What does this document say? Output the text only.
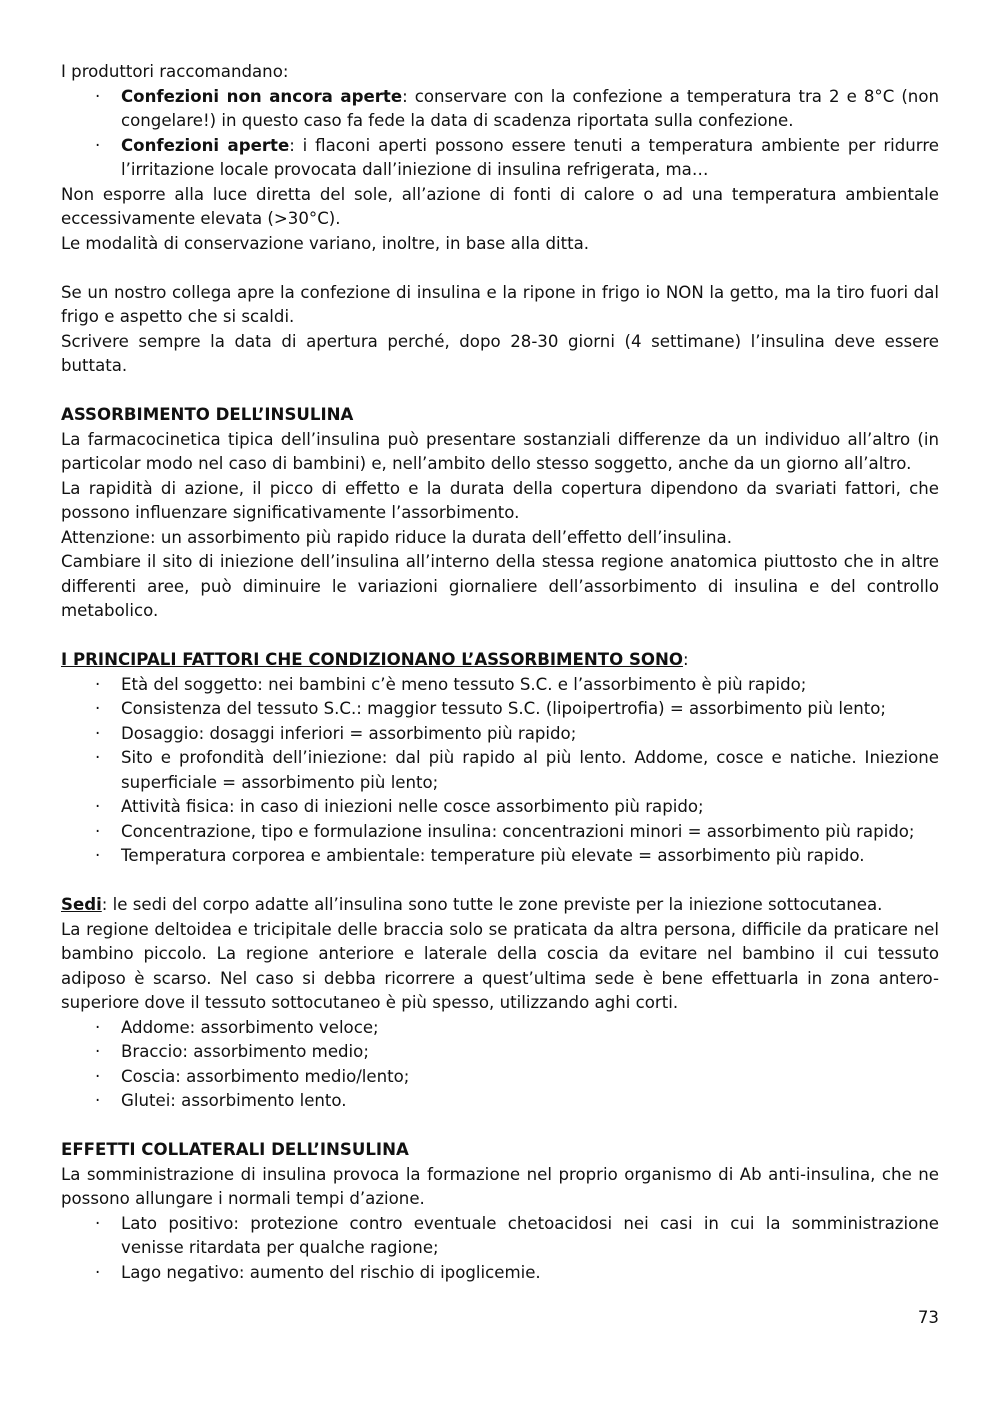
I produttori raccomandano:

· Confezioni non ancora aperte: conservare con la confezione a temperatura tra 2 e 8°C (non congelare!) in questo caso fa fede la data di scadenza riportata sulla confezione.
· Confezioni aperte: i flaconi aperti possono essere tenuti a temperatura ambiente per ridurre l’irritazione locale provocata dall’iniezione di insulina refrigerata, ma…

Non esporre alla luce diretta del sole, all’azione di fonti di calore o ad una temperatura ambientale eccessivamente elevata (>30°C).

Le modalità di conservazione variano, inoltre, in base alla ditta.

Se un nostro collega apre la confezione di insulina e la ripone in frigo io NON la getto, ma la tiro fuori dal frigo e aspetto che si scaldi.

Scrivere sempre la data di apertura perché, dopo 28-30 giorni (4 settimane) l’insulina deve essere buttata.

ASSORBIMENTO DELL’INSULINA

La farmacocinetica tipica dell’insulina può presentare sostanziali differenze da un individuo all’altro (in particolar modo nel caso di bambini) e, nell’ambito dello stesso soggetto, anche da un giorno all’altro.

La rapidità di azione, il picco di effetto e la durata della copertura dipendono da svariati fattori, che possono influenzare significativamente l’assorbimento.

Attenzione: un assorbimento più rapido riduce la durata dell’effetto dell’insulina.

Cambiare il sito di iniezione dell’insulina all’interno della stessa regione anatomica piuttosto che in altre differenti aree, può diminuire le variazioni giornaliere dell’assorbimento di insulina e del controllo metabolico.

I PRINCIPALI FATTORI CHE CONDIZIONANO L’ASSORBIMENTO SONO:

· Età del soggetto: nei bambini c’è meno tessuto S.C. e l’assorbimento è più rapido;
· Consistenza del tessuto S.C.: maggior tessuto S.C. (lipoipertrofia) = assorbimento più lento;
· Dosaggio: dosaggi inferiori = assorbimento più rapido;
· Sito e profondità dell’iniezione: dal più rapido al più lento. Addome, cosce e natiche. Iniezione superficiale = assorbimento più lento;
· Attività fisica: in caso di iniezioni nelle cosce assorbimento più rapido;
· Concentrazione, tipo e formulazione insulina: concentrazioni minori = assorbimento più rapido;
· Temperatura corporea e ambientale: temperature più elevate = assorbimento più rapido.

Sedi: le sedi del corpo adatte all’insulina sono tutte le zone previste per la iniezione sottocutanea.

La regione deltoidea e tricipitale delle braccia solo se praticata da altra persona, difficile da praticare nel bambino piccolo. La regione anteriore e laterale della coscia da evitare nel bambino il cui tessuto adiposo è scarso. Nel caso si debba ricorrere a quest’ultima sede è bene effettuarla in zona antero-superiore dove il tessuto sottocutaneo è più spesso, utilizzando aghi corti.

· Addome: assorbimento veloce;
· Braccio: assorbimento medio;
· Coscia: assorbimento medio/lento;
· Glutei: assorbimento lento.

EFFETTI COLLATERALI DELL’INSULINA

La somministrazione di insulina provoca la formazione nel proprio organismo di Ab anti-insulina, che ne possono allungare i normali tempi d’azione.

· Lato positivo: protezione contro eventuale chetoacidosi nei casi in cui la somministrazione venisse ritardata per qualche ragione;
· Lago negativo: aumento del rischio di ipoglicemie.
73
